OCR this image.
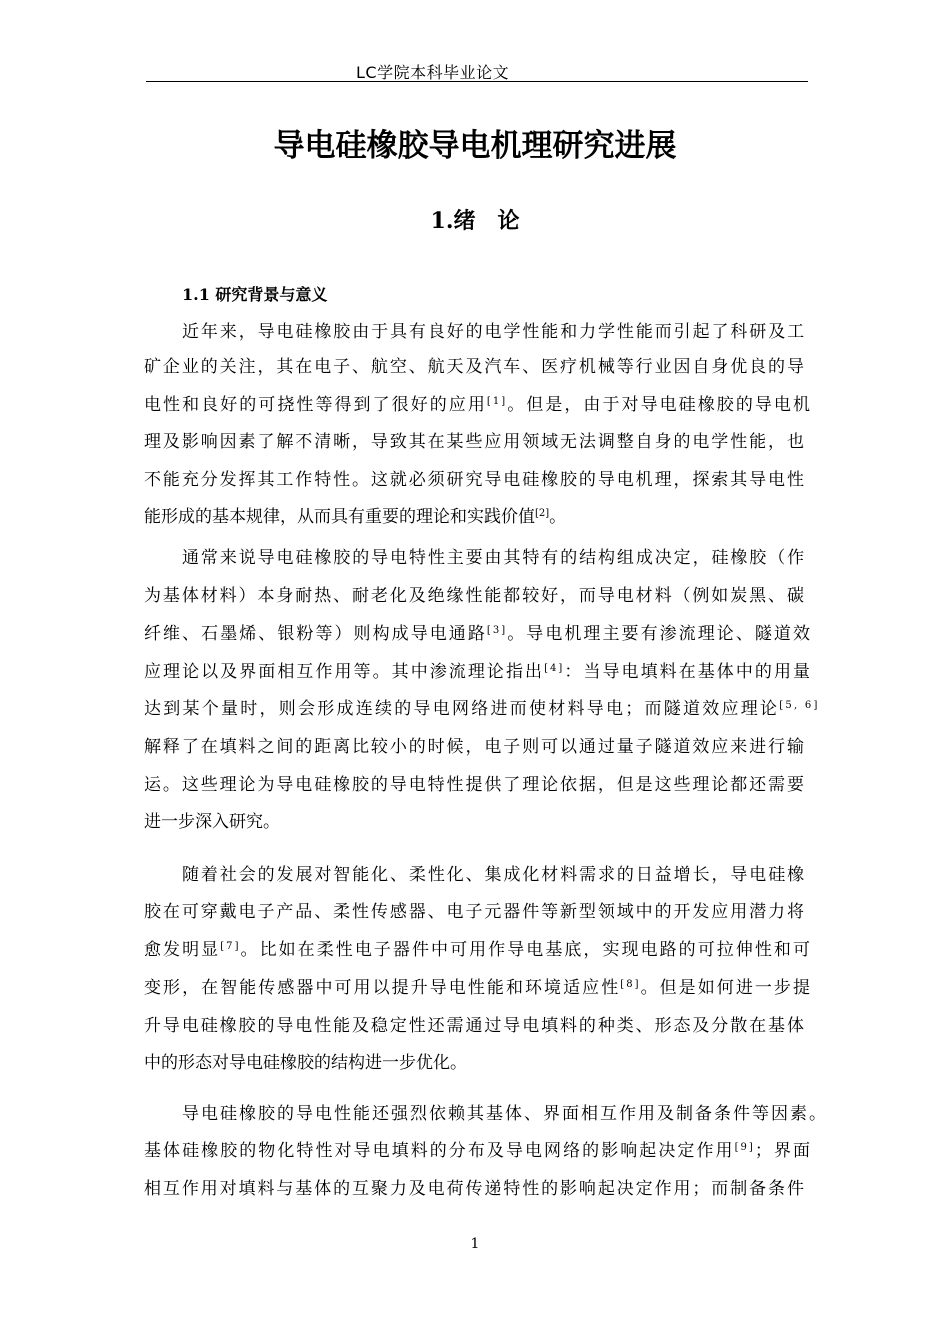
LC学院本科毕业论文
导电硅橡胶导电机理研究进展
1.绪　论
1.1 研究背景与意义
近年来，导电硅橡胶由于具有良好的电学性能和力学性能而引起了科研及工
矿企业的关注，其在电子、航空、航天及汽车、医疗机械等行业因自身优良的导
电性和良好的可挠性等得到了很好的应用[1]。但是，由于对导电硅橡胶的导电机
理及影响因素了解不清晰，导致其在某些应用领域无法调整自身的电学性能，也
不能充分发挥其工作特性。这就必须研究导电硅橡胶的导电机理，探索其导电性
能形成的基本规律，从而具有重要的理论和实践价值[2]。
通常来说导电硅橡胶的导电特性主要由其特有的结构组成决定，硅橡胶（作
为基体材料）本身耐热、耐老化及绝缘性能都较好，而导电材料（例如炭黑、碳
纤维、石墨烯、银粉等）则构成导电通路[3]。导电机理主要有渗流理论、隧道效
应理论以及界面相互作用等。其中渗流理论指出[4]：当导电填料在基体中的用量
达到某个量时，则会形成连续的导电网络进而使材料导电；而隧道效应理论[5, 6]
解释了在填料之间的距离比较小的时候，电子则可以通过量子隧道效应来进行输
运。这些理论为导电硅橡胶的导电特性提供了理论依据，但是这些理论都还需要
进一步深入研究。
随着社会的发展对智能化、柔性化、集成化材料需求的日益增长，导电硅橡
胶在可穿戴电子产品、柔性传感器、电子元器件等新型领域中的开发应用潜力将
愈发明显[7]。比如在柔性电子器件中可用作导电基底，实现电路的可拉伸性和可
变形，在智能传感器中可用以提升导电性能和环境适应性[8]。但是如何进一步提
升导电硅橡胶的导电性能及稳定性还需通过导电填料的种类、形态及分散在基体
中的形态对导电硅橡胶的结构进一步优化。
导电硅橡胶的导电性能还强烈依赖其基体、界面相互作用及制备条件等因素。
基体硅橡胶的物化特性对导电填料的分布及导电网络的影响起决定作用[9]；界面
相互作用对填料与基体的互聚力及电荷传递特性的影响起决定作用；而制备条件
1
